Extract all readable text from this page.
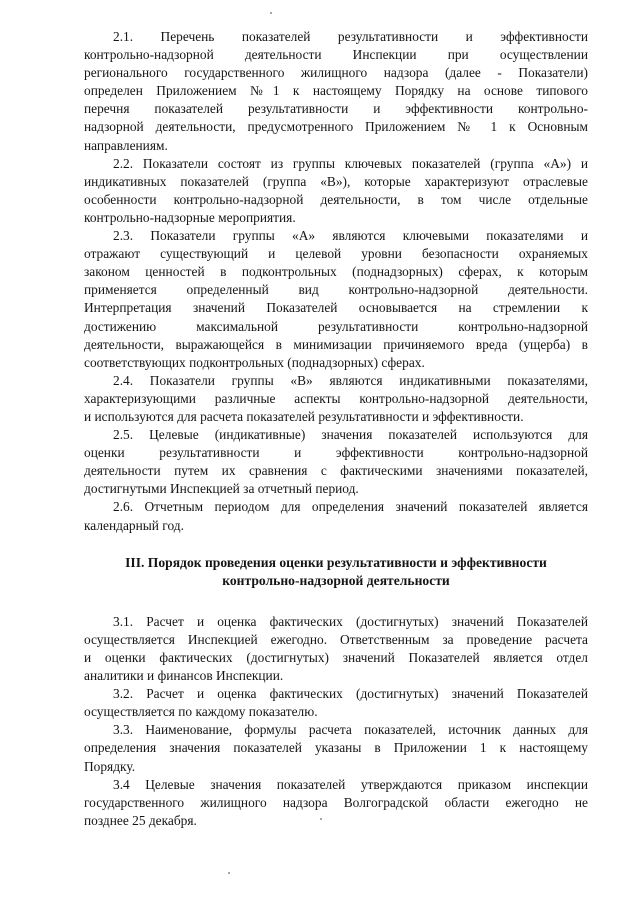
2.1. Перечень показателей результативности и эффективности
контрольно-надзорной деятельности Инспекции при осуществлении
регионального государственного жилищного надзора (далее - Показатели)
определен Приложением №1 к настоящему Порядку на основе типового
перечня показателей результативности и эффективности контрольно-
надзорной деятельности, предусмотренного Приложением № 1 к Основным
направлениям.
2.2. Показатели состоят из группы ключевых показателей (группа «А») и
индикативных показателей (группа «В»), которые характеризуют отраслевые
особенности контрольно-надзорной деятельности, в том числе отдельные
контрольно-надзорные мероприятия.
2.3. Показатели группы «А» являются ключевыми показателями и
отражают существующий и целевой уровни безопасности охраняемых
законом ценностей в подконтрольных (поднадзорных) сферах, к которым
применяется определенный вид контрольно-надзорной деятельности.
Интерпретация значений Показателей основывается на стремлении к
достижению максимальной результативности контрольно-надзорной
деятельности, выражающейся в минимизации причиняемого вреда (ущерба) в
соответствующих подконтрольных (поднадзорных) сферах.
2.4. Показатели группы «В» являются индикативными показателями,
характеризующими различные аспекты контрольно-надзорной деятельности,
и используются для расчета показателей результативности и эффективности.
2.5. Целевые (индикативные) значения показателей используются для
оценки результативности и эффективности контрольно-надзорной
деятельности путем их сравнения с фактическими значениями показателей,
достигнутыми Инспекцией за отчетный период.
2.6. Отчетным периодом для определения значений показателей является
календарный год.
III. Порядок проведения оценки результативности и эффективности
контрольно-надзорной деятельности
3.1. Расчет и оценка фактических (достигнутых) значений Показателей
осуществляется Инспекцией ежегодно. Ответственным за проведение расчета
и оценки фактических (достигнутых) значений Показателей является отдел
аналитики и финансов Инспекции.
3.2. Расчет и оценка фактических (достигнутых) значений Показателей
осуществляется по каждому показателю.
3.3. Наименование, формулы расчета показателей, источник данных для
определения значения показателей указаны в Приложении 1 к настоящему
Порядку.
3.4 Целевые значения показателей утверждаются приказом инспекции
государственного жилищного надзора Волгоградской области ежегодно не
позднее 25 декабря.
